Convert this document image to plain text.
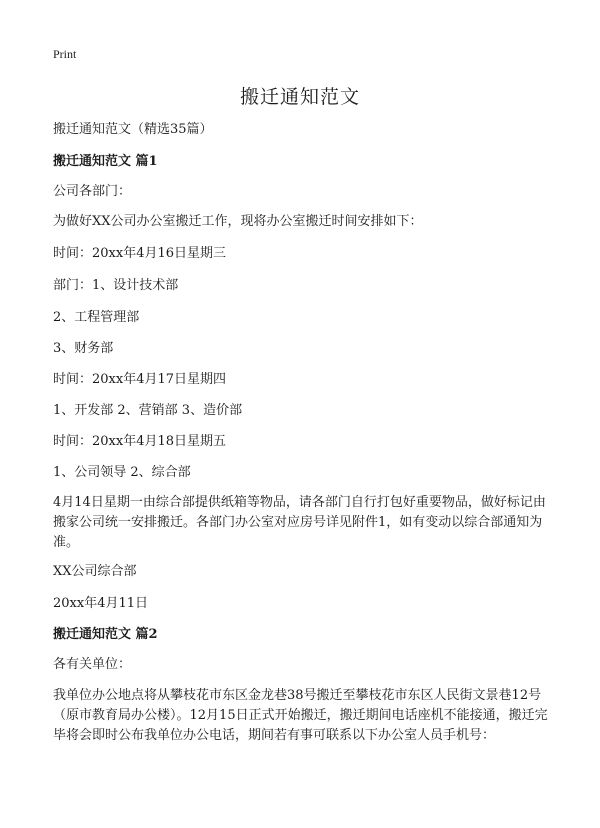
Print
搬迁通知范文
搬迁通知范文（精选35篇）
搬迁通知范文 篇1
公司各部门：
为做好XX公司办公室搬迁工作，现将办公室搬迁时间安排如下：
时间：20xx年4月16日星期三
部门：1、设计技术部
2、工程管理部
3、财务部
时间：20xx年4月17日星期四
1、开发部 2、营销部 3、造价部
时间：20xx年4月18日星期五
1、公司领导 2、综合部

4月14日星期一由综合部提供纸箱等物品，请各部门自行打包好重要物品，做好标记由搬家公司统一安排搬迁。各部门办公室对应房号详见附件1，如有变动以综合部通知为准。

XX公司综合部
20xx年4月11日
搬迁通知范文 篇2
各有关单位：

我单位办公地点将从攀枝花市东区金龙巷38号搬迁至攀枝花市东区人民街文景巷12号（原市教育局办公楼）。12月15日正式开始搬迁，搬迁期间电话座机不能接通，搬迁完毕将会即时公布我单位办公电话，期间若有事可联系以下办公室人员手机号：
